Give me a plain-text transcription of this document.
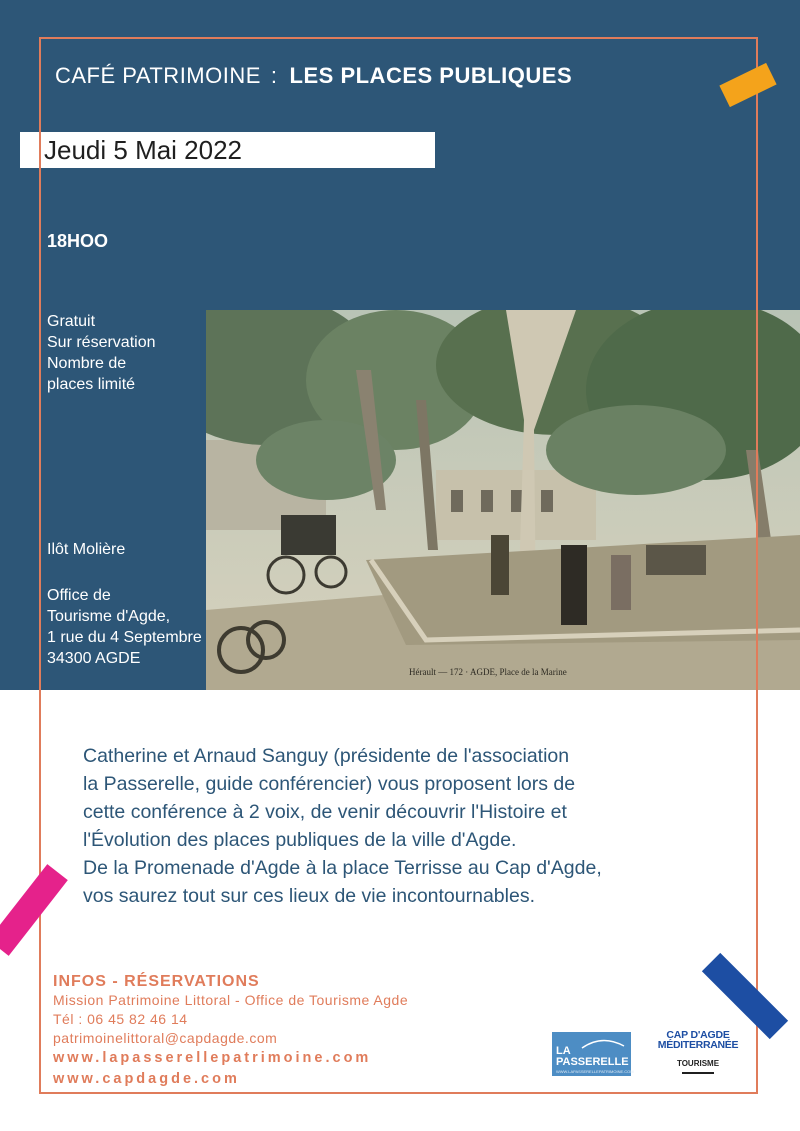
CAFÉ PATRIMOINE : LES PLACES PUBLIQUES
Jeudi 5 Mai 2022
18HOO
Gratuit
Sur réservation
Nombre de
places limité
Ilôt Molière
Office de
Tourisme d'Agde,
1 rue du 4 Septembre
34300 AGDE
Hérault — 172 · AGDE, Place de la Marine
Catherine et Arnaud Sanguy (présidente de l'association
la Passerelle, guide conférencier) vous proposent lors de
cette conférence à 2 voix, de venir découvrir l'Histoire et
l'Évolution des places publiques de la ville d'Agde.
De la Promenade d'Agde à la place Terrisse au Cap d'Agde,
vos saurez tout sur ces lieux de vie incontournables.
INFOS - RÉSERVATIONS
Mission Patrimoine Littoral - Office de Tourisme Agde
Tél : 06 45 82 46 14
patrimoinelittoral@capdagde.com
www.lapasserellepatrimoine.com
www.capdagde.com
LA
PASSERELLE
WWW.LAPASSERELLEPATRIMOINE.COM
CAP D'AGDE
MÉDITERRANÉE
TOURISME
